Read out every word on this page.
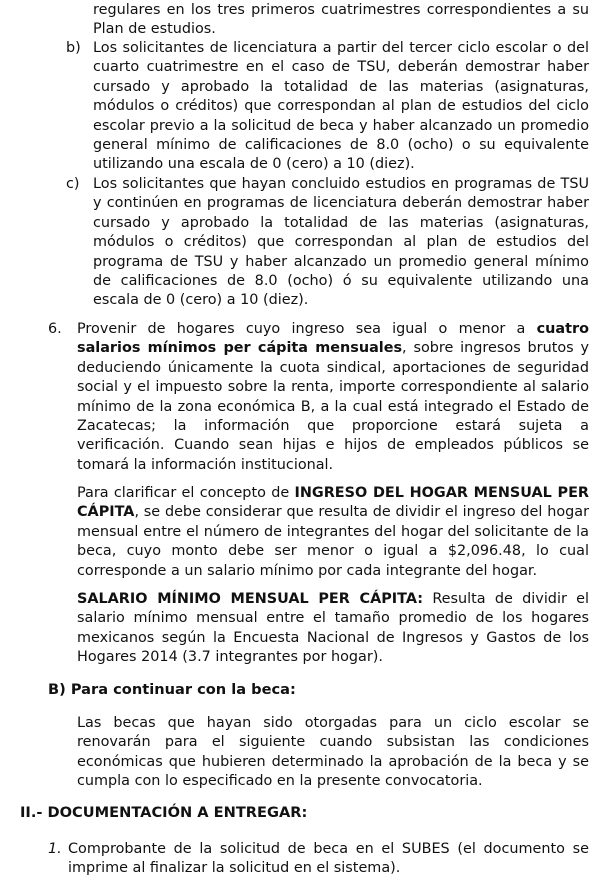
regulares en los tres primeros cuatrimestres correspondientes a su Plan de estudios.

b) Los solicitantes de licenciatura a partir del tercer ciclo escolar o del cuarto cuatrimestre en el caso de TSU, deberán demostrar haber cursado y aprobado la totalidad de las materias (asignaturas, módulos o créditos) que correspondan al plan de estudios del ciclo escolar previo a la solicitud de beca y haber alcanzado un promedio general mínimo de calificaciones de 8.0 (ocho) o su equivalente utilizando una escala de 0 (cero) a 10 (diez).

c) Los solicitantes que hayan concluido estudios en programas de TSU y continúen en programas de licenciatura deberán demostrar haber cursado y aprobado la totalidad de las materias (asignaturas, módulos o créditos) que correspondan al plan de estudios del programa de TSU y haber alcanzado un promedio general mínimo de calificaciones de 8.0 (ocho) ó su equivalente utilizando una escala de 0 (cero) a 10 (diez).

6. Provenir de hogares cuyo ingreso sea igual o menor a cuatro salarios mínimos per cápita mensuales, sobre ingresos brutos y deduciendo únicamente la cuota sindical, aportaciones de seguridad social y el impuesto sobre la renta, importe correspondiente al salario mínimo de la zona económica B, a la cual está integrado el Estado de Zacatecas; la información que proporcione estará sujeta a verificación. Cuando sean hijas e hijos de empleados públicos se tomará la información institucional.

Para clarificar el concepto de INGRESO DEL HOGAR MENSUAL PER CÁPITA, se debe considerar que resulta de dividir el ingreso del hogar mensual entre el número de integrantes del hogar del solicitante de la beca, cuyo monto debe ser menor o igual a $2,096.48, lo cual corresponde a un salario mínimo por cada integrante del hogar.

SALARIO MÍNIMO MENSUAL PER CÁPITA: Resulta de dividir el salario mínimo mensual entre el tamaño promedio de los hogares mexicanos según la Encuesta Nacional de Ingresos y Gastos de los Hogares 2014 (3.7 integrantes por hogar).

B) Para continuar con la beca:

Las becas que hayan sido otorgadas para un ciclo escolar se renovarán para el siguiente cuando subsistan las condiciones económicas que hubieren determinado la aprobación de la beca y se cumpla con lo especificado en la presente convocatoria.

II.- DOCUMENTACIÓN A ENTREGAR:

1. Comprobante de la solicitud de beca en el SUBES (el documento se imprime al finalizar la solicitud en el sistema).
